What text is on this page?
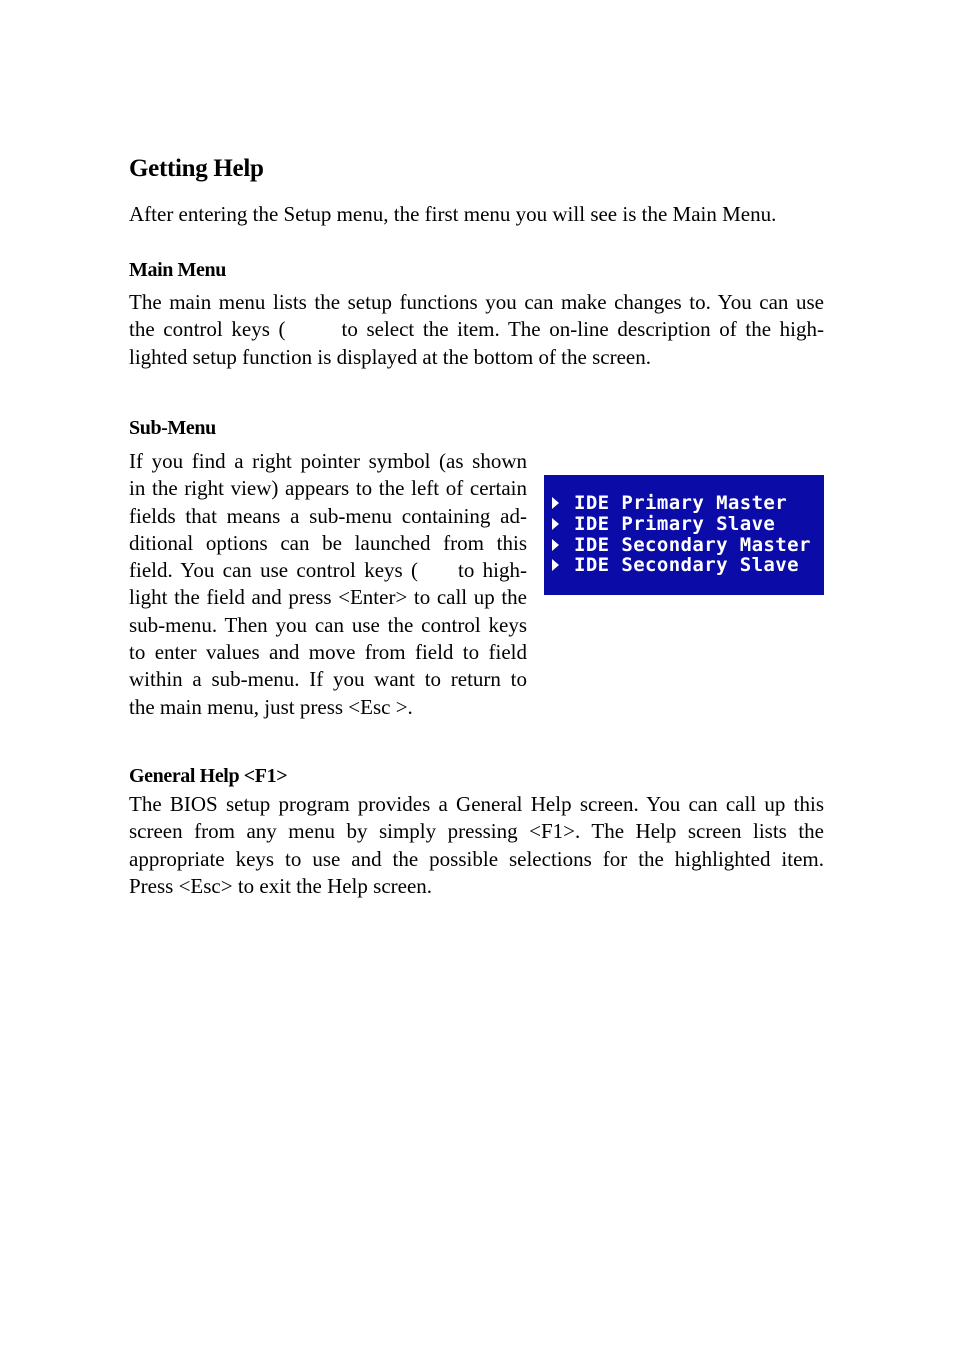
Getting Help
After entering the Setup menu, the first menu you will see is the Main Menu.
Main Menu
The main menu lists the setup functions you can make changes to. You can use
the control keys (	to select the item. The on-line description of the high-
lighted setup function is displayed at the bottom of the screen.
Sub-Menu
If you find a right pointer symbol (as shown
in the right view) appears to the left of certain
fields that means a sub-menu containing ad-
ditional options can be launched from this
field. You can use control keys ( to high-
light the field and press <Enter> to call up the
sub-menu. Then you can use the control keys
to enter values and move from field to field
within a sub-menu. If you want to return to
the main menu, just press <Esc >.
IDE Primary Master
IDE Primary Slave
IDE Secondary Master
IDE Secondary Slave
General Help <F1>
The BIOS setup program provides a General Help screen. You can call up this
screen from any menu by simply pressing <F1>. The Help screen lists the
appropriate keys to use and the possible selections for the highlighted item.
Press <Esc> to exit the Help screen.
